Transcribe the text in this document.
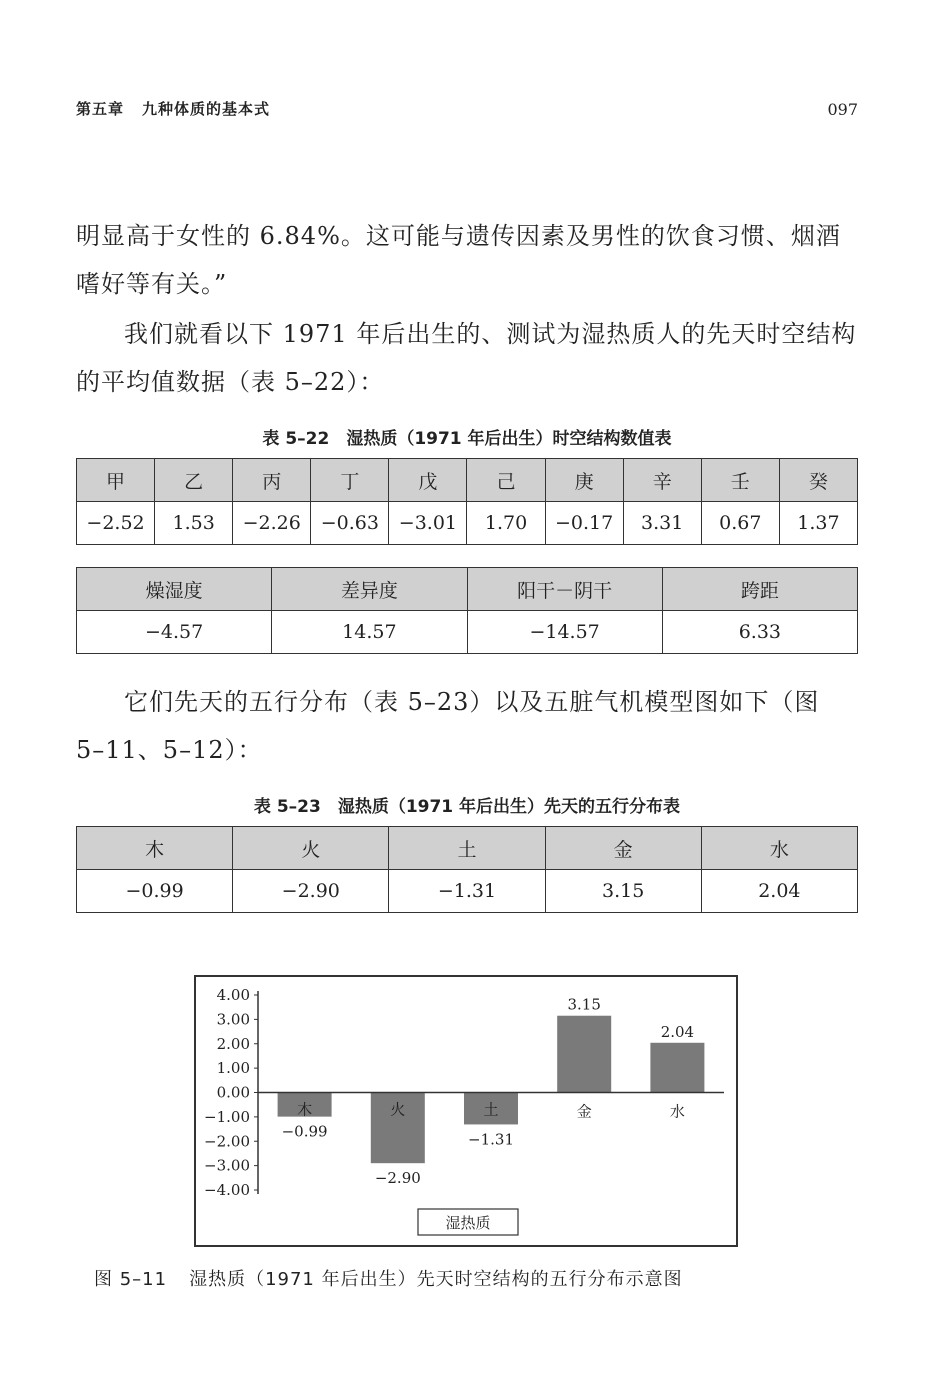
第五章 九种体质的基本式	097
明显高于女性的 6.84%。这可能与遗传因素及男性的饮食习惯、烟酒
嗜好等有关。”
我们就看以下 1971 年后出生的、测试为湿热质人的先天时空结构
的平均值数据（表 5–22）：
表 5–22　湿热质（1971 年后出生）时空结构数值表
甲	乙	丙	丁	戊	己	庚	辛	壬	癸
−2.52	1.53	−2.26	−0.63	−3.01	1.70	−0.17	3.31	0.67	1.37
燥湿度	差异度	阳干－阴干	跨距
−4.57	14.57	−14.57	6.33
它们先天的五行分布（表 5–23）以及五脏气机模型图如下（图
5–11、5–12）：
表 5–23　湿热质（1971 年后出生）先天的五行分布表
木	火	土	金	水
−0.99	−2.90	−1.31	3.15	2.04
4.00
3.00
2.00
1.00
0.00
−1.00
−2.00
−3.00
−4.00
木
−0.99
火
−2.90
土
−1.31
金
3.15
水
2.04
湿热质
图 5–11 湿热质（1971 年后出生）先天时空结构的五行分布示意图
